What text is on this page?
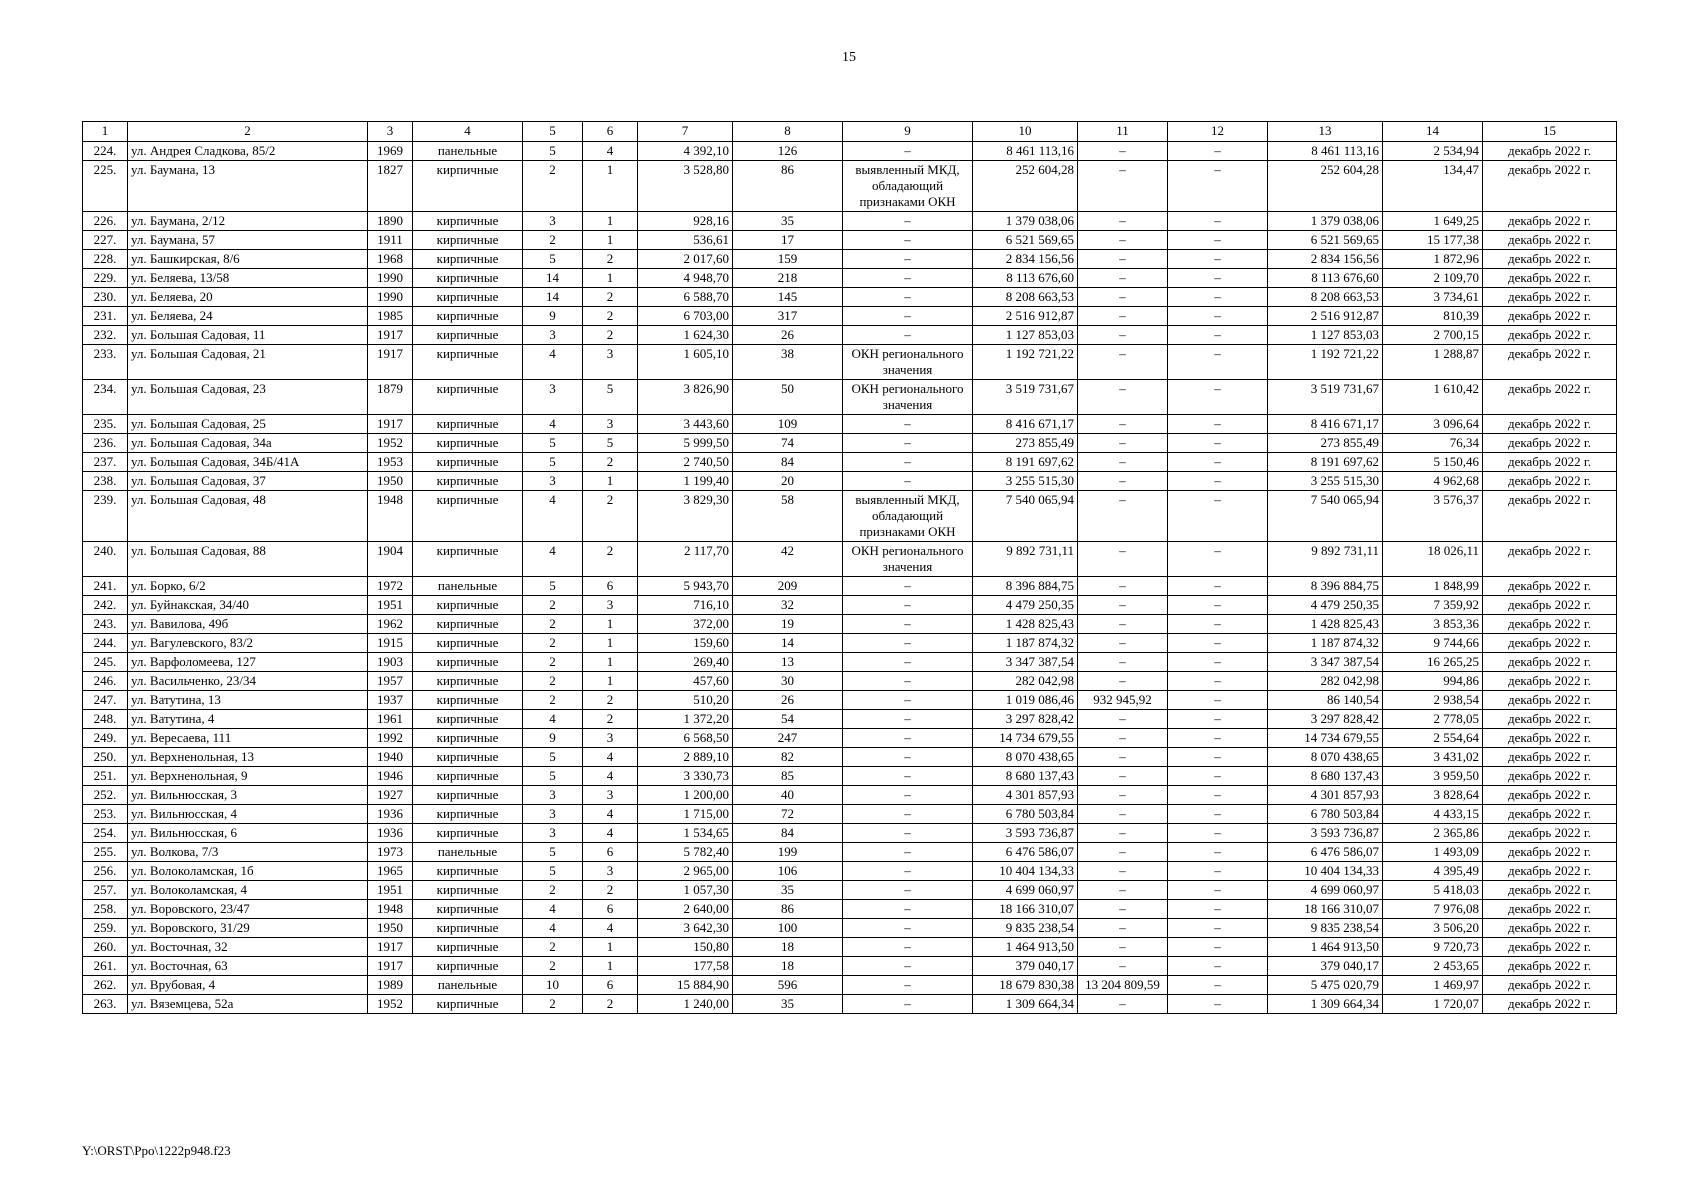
15
1	2	3	4	5	6	7	8	9	10	11	12	13	14	15
224.	ул. Андрея Сладкова, 85/2	1969	панельные	5	4	4 392,10	126	–	8 461 113,16	–	–	8 461 113,16	2 534,94	декабрь 2022 г.
225.	ул. Баумана, 13	1827	кирпичные	2	1	3 528,80	86	выявленный МКД, обладающий признаками ОКН	252 604,28	–	–	252 604,28	134,47	декабрь 2022 г.
226.	ул. Баумана, 2/12	1890	кирпичные	3	1	928,16	35	–	1 379 038,06	–	–	1 379 038,06	1 649,25	декабрь 2022 г.
227.	ул. Баумана, 57	1911	кирпичные	2	1	536,61	17	–	6 521 569,65	–	–	6 521 569,65	15 177,38	декабрь 2022 г.
228.	ул. Башкирская, 8/6	1968	кирпичные	5	2	2 017,60	159	–	2 834 156,56	–	–	2 834 156,56	1 872,96	декабрь 2022 г.
229.	ул. Беляева, 13/58	1990	кирпичные	14	1	4 948,70	218	–	8 113 676,60	–	–	8 113 676,60	2 109,70	декабрь 2022 г.
230.	ул. Беляева, 20	1990	кирпичные	14	2	6 588,70	145	–	8 208 663,53	–	–	8 208 663,53	3 734,61	декабрь 2022 г.
231.	ул. Беляева, 24	1985	кирпичные	9	2	6 703,00	317	–	2 516 912,87	–	–	2 516 912,87	810,39	декабрь 2022 г.
232.	ул. Большая Садовая, 11	1917	кирпичные	3	2	1 624,30	26	–	1 127 853,03	–	–	1 127 853,03	2 700,15	декабрь 2022 г.
233.	ул. Большая Садовая, 21	1917	кирпичные	4	3	1 605,10	38	ОКН регионального значения	1 192 721,22	–	–	1 192 721,22	1 288,87	декабрь 2022 г.
234.	ул. Большая Садовая, 23	1879	кирпичные	3	5	3 826,90	50	ОКН регионального значения	3 519 731,67	–	–	3 519 731,67	1 610,42	декабрь 2022 г.
235.	ул. Большая Садовая, 25	1917	кирпичные	4	3	3 443,60	109	–	8 416 671,17	–	–	8 416 671,17	3 096,64	декабрь 2022 г.
236.	ул. Большая Садовая, 34а	1952	кирпичные	5	5	5 999,50	74	–	273 855,49	–	–	273 855,49	76,34	декабрь 2022 г.
237.	ул. Большая Садовая, 34Б/41А	1953	кирпичные	5	2	2 740,50	84	–	8 191 697,62	–	–	8 191 697,62	5 150,46	декабрь 2022 г.
238.	ул. Большая Садовая, 37	1950	кирпичные	3	1	1 199,40	20	–	3 255 515,30	–	–	3 255 515,30	4 962,68	декабрь 2022 г.
239.	ул. Большая Садовая, 48	1948	кирпичные	4	2	3 829,30	58	выявленный МКД, обладающий признаками ОКН	7 540 065,94	–	–	7 540 065,94	3 576,37	декабрь 2022 г.
240.	ул. Большая Садовая, 88	1904	кирпичные	4	2	2 117,70	42	ОКН регионального значения	9 892 731,11	–	–	9 892 731,11	18 026,11	декабрь 2022 г.
241.	ул. Борко, 6/2	1972	панельные	5	6	5 943,70	209	–	8 396 884,75	–	–	8 396 884,75	1 848,99	декабрь 2022 г.
242.	ул. Буйнакская, 34/40	1951	кирпичные	2	3	716,10	32	–	4 479 250,35	–	–	4 479 250,35	7 359,92	декабрь 2022 г.
243.	ул. Вавилова, 49б	1962	кирпичные	2	1	372,00	19	–	1 428 825,43	–	–	1 428 825,43	3 853,36	декабрь 2022 г.
244.	ул. Вагулевского, 83/2	1915	кирпичные	2	1	159,60	14	–	1 187 874,32	–	–	1 187 874,32	9 744,66	декабрь 2022 г.
245.	ул. Варфоломеева, 127	1903	кирпичные	2	1	269,40	13	–	3 347 387,54	–	–	3 347 387,54	16 265,25	декабрь 2022 г.
246.	ул. Васильченко, 23/34	1957	кирпичные	2	1	457,60	30	–	282 042,98	–	–	282 042,98	994,86	декабрь 2022 г.
247.	ул. Ватутина, 13	1937	кирпичные	2	2	510,20	26	–	1 019 086,46	932 945,92	–	86 140,54	2 938,54	декабрь 2022 г.
248.	ул. Ватутина, 4	1961	кирпичные	4	2	1 372,20	54	–	3 297 828,42	–	–	3 297 828,42	2 778,05	декабрь 2022 г.
249.	ул. Вересаева, 111	1992	кирпичные	9	3	6 568,50	247	–	14 734 679,55	–	–	14 734 679,55	2 554,64	декабрь 2022 г.
250.	ул. Верхненольная, 13	1940	кирпичные	5	4	2 889,10	82	–	8 070 438,65	–	–	8 070 438,65	3 431,02	декабрь 2022 г.
251.	ул. Верхненольная, 9	1946	кирпичные	5	4	3 330,73	85	–	8 680 137,43	–	–	8 680 137,43	3 959,50	декабрь 2022 г.
252.	ул. Вильнюсская, 3	1927	кирпичные	3	3	1 200,00	40	–	4 301 857,93	–	–	4 301 857,93	3 828,64	декабрь 2022 г.
253.	ул. Вильнюсская, 4	1936	кирпичные	3	4	1 715,00	72	–	6 780 503,84	–	–	6 780 503,84	4 433,15	декабрь 2022 г.
254.	ул. Вильнюсская, 6	1936	кирпичные	3	4	1 534,65	84	–	3 593 736,87	–	–	3 593 736,87	2 365,86	декабрь 2022 г.
255.	ул. Волкова, 7/3	1973	панельные	5	6	5 782,40	199	–	6 476 586,07	–	–	6 476 586,07	1 493,09	декабрь 2022 г.
256.	ул. Волоколамская, 1б	1965	кирпичные	5	3	2 965,00	106	–	10 404 134,33	–	–	10 404 134,33	4 395,49	декабрь 2022 г.
257.	ул. Волоколамская, 4	1951	кирпичные	2	2	1 057,30	35	–	4 699 060,97	–	–	4 699 060,97	5 418,03	декабрь 2022 г.
258.	ул. Воровского, 23/47	1948	кирпичные	4	6	2 640,00	86	–	18 166 310,07	–	–	18 166 310,07	7 976,08	декабрь 2022 г.
259.	ул. Воровского, 31/29	1950	кирпичные	4	4	3 642,30	100	–	9 835 238,54	–	–	9 835 238,54	3 506,20	декабрь 2022 г.
260.	ул. Восточная, 32	1917	кирпичные	2	1	150,80	18	–	1 464 913,50	–	–	1 464 913,50	9 720,73	декабрь 2022 г.
261.	ул. Восточная, 63	1917	кирпичные	2	1	177,58	18	–	379 040,17	–	–	379 040,17	2 453,65	декабрь 2022 г.
262.	ул. Врубовая, 4	1989	панельные	10	6	15 884,90	596	–	18 679 830,38	13 204 809,59	–	5 475 020,79	1 469,97	декабрь 2022 г.
263.	ул. Вяземцева, 52а	1952	кирпичные	2	2	1 240,00	35	–	1 309 664,34	–	–	1 309 664,34	1 720,07	декабрь 2022 г.
Y:\ORST\Ppo\1222p948.f23
